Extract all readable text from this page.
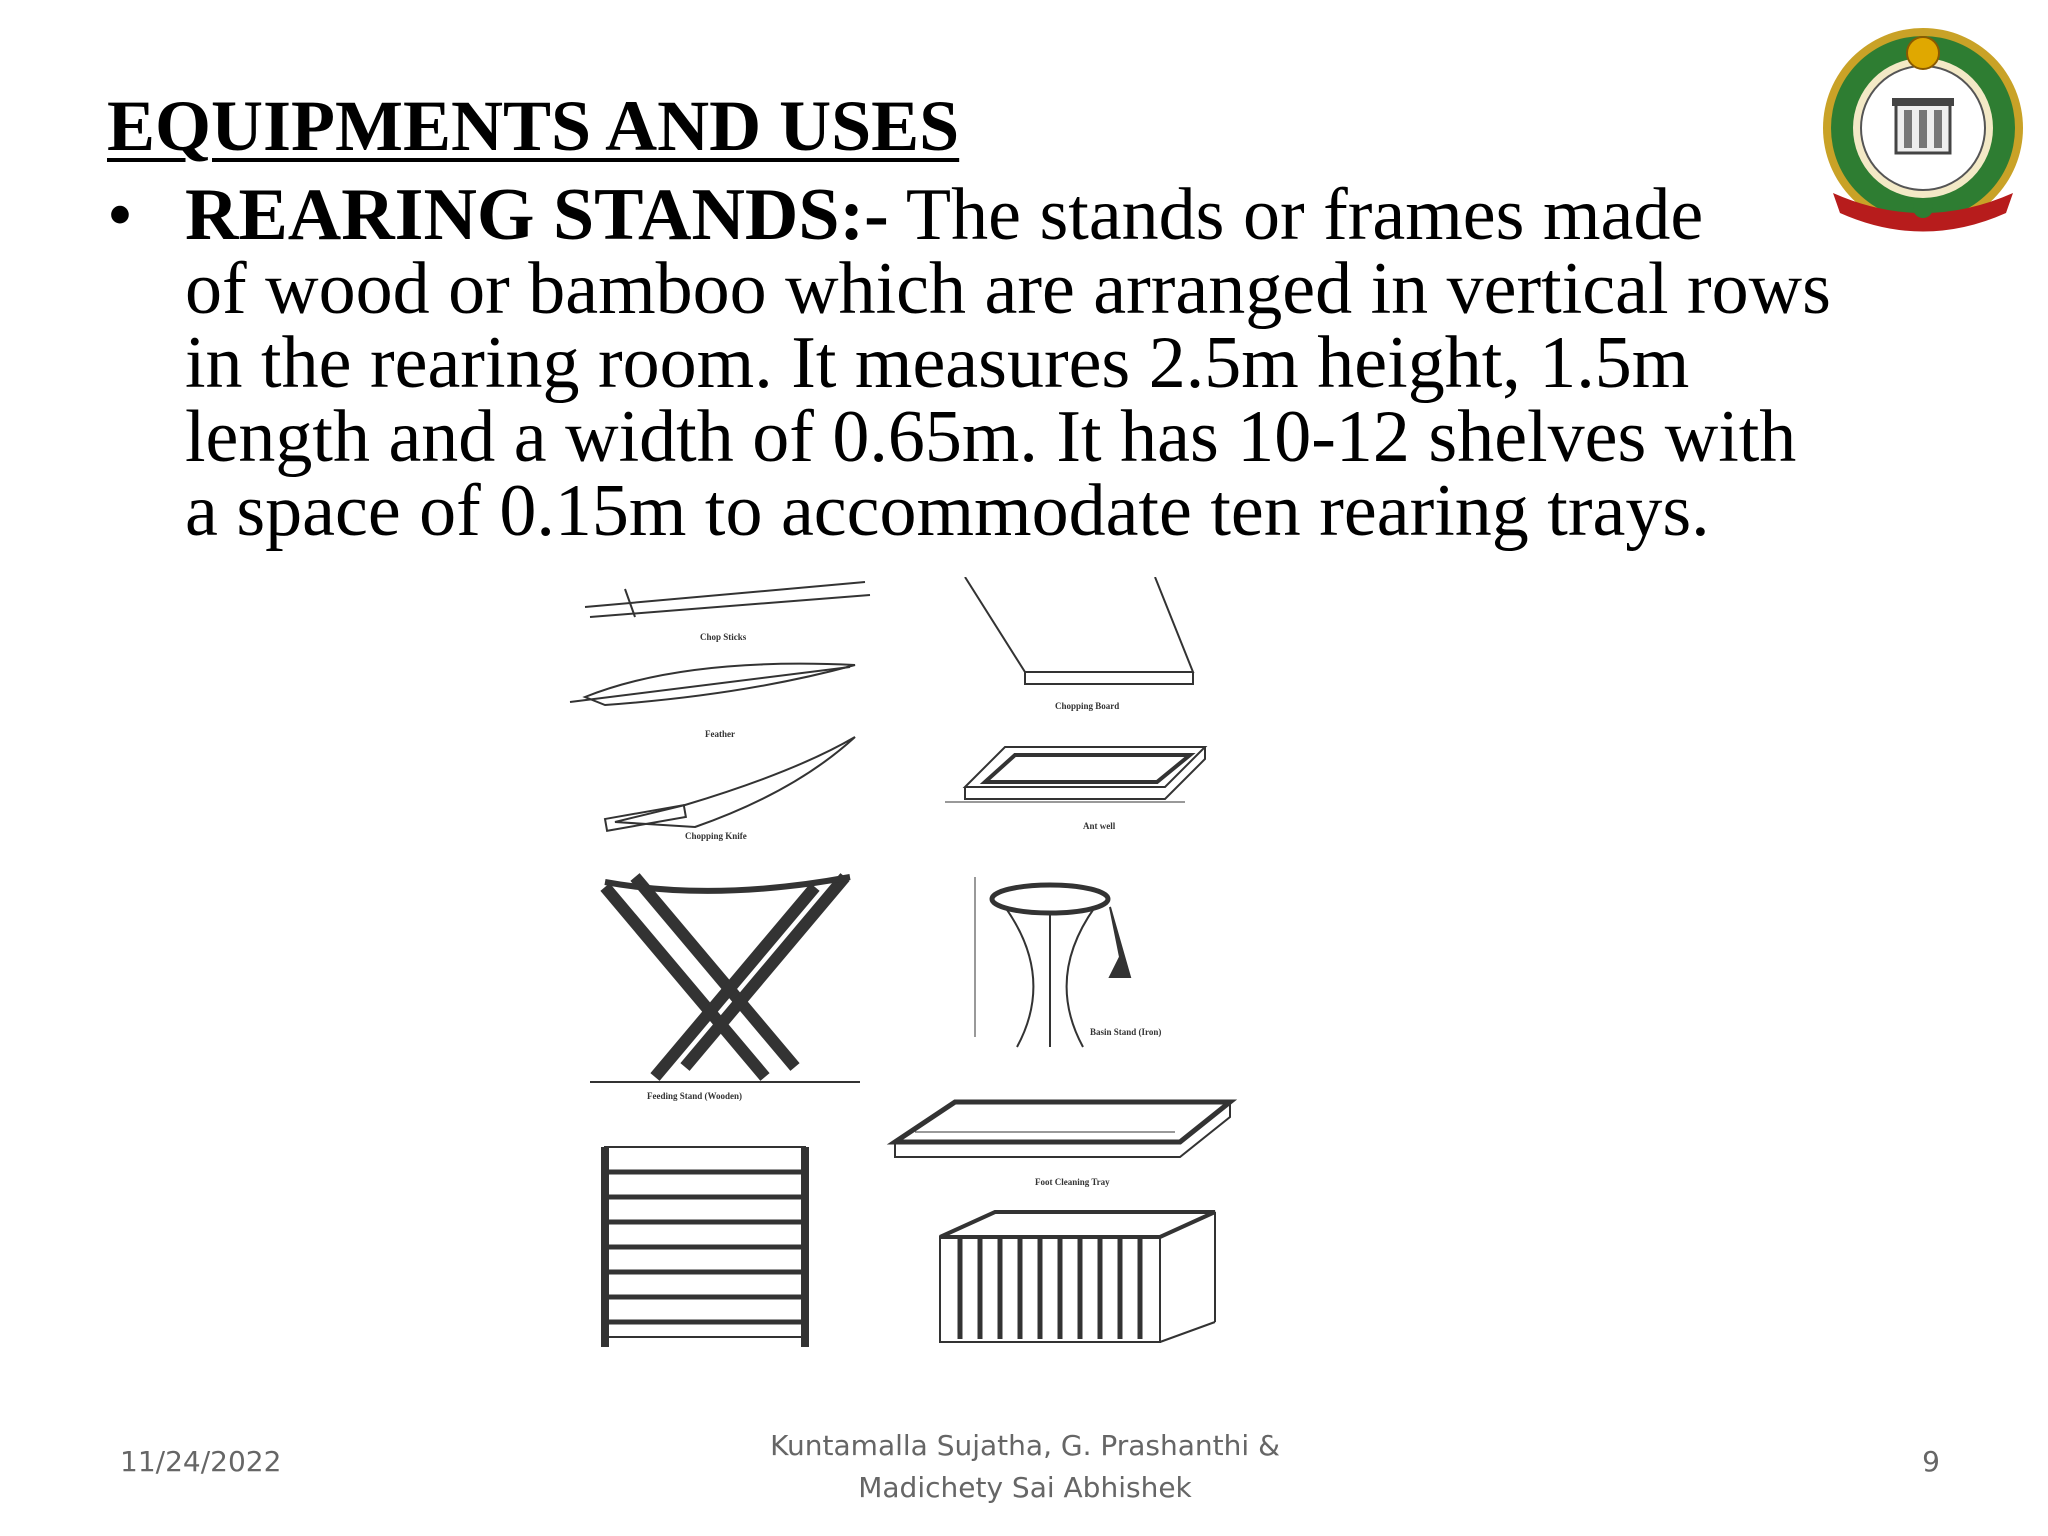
EQUIPMENTS AND USES
• REARING STANDS:- The stands or frames made
of wood or bamboo which are arranged in vertical rows
in the rearing room. It measures 2.5m height, 1.5m
length and a width of 0.65m. It has 10-12 shelves with
a space of 0.15m to accommodate ten rearing trays.
Chop Sticks
Feather
Chopping Knife
Chopping Board
Ant well
Feeding Stand (Wooden)
Basin Stand (Iron)
Foot Cleaning Tray
11/24/2022	Kuntamalla Sujatha, G. Prashanthi &
Madichety Sai Abhishek
9
